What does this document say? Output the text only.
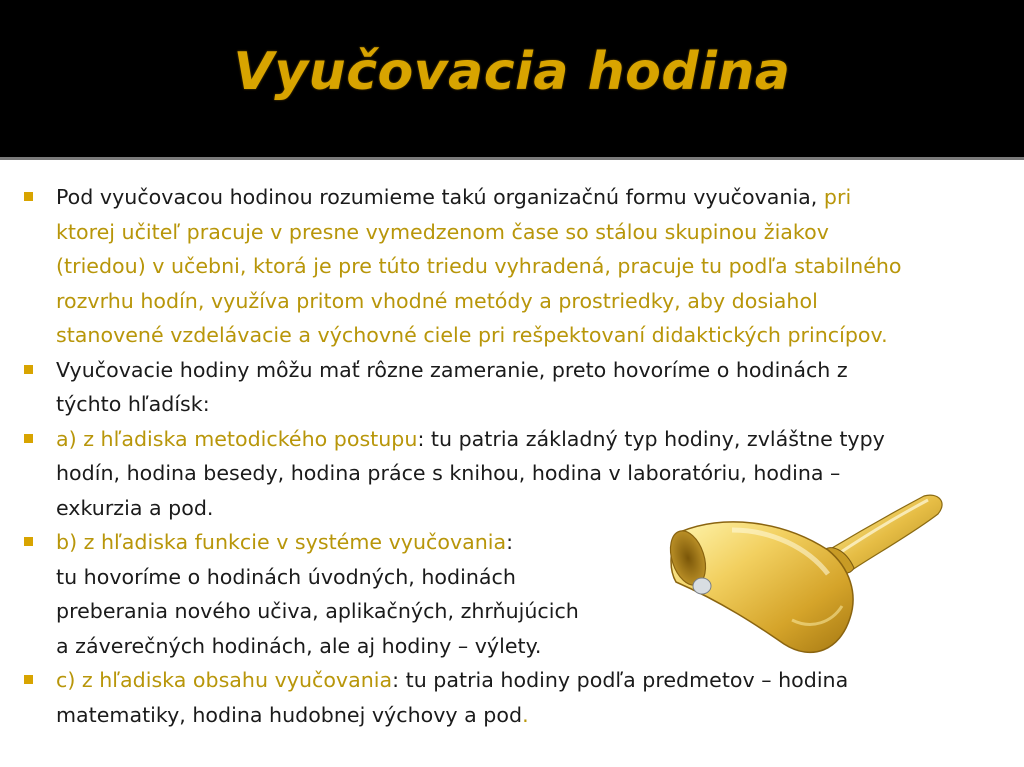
Vyučovacia hodina
Pod vyučovacou hodinou rozumieme takú organizačnú formu vyučovania, pri
ktorej učiteľ pracuje v presne vymedzenom čase so stálou skupinou žiakov
(triedou) v učebni, ktorá je pre túto triedu vyhradená, pracuje tu podľa stabilného
rozvrhu hodín, využíva pritom vhodné metódy a prostriedky, aby dosiahol
stanovené vzdelávacie a výchovné ciele pri rešpektovaní didaktických princípov.
Vyučovacie hodiny môžu mať rôzne zameranie, preto hovoríme o hodinách z
týchto hľadísk:
a) z hľadiska metodického postupu: tu patria základný typ hodiny, zvláštne typy
hodín, hodina besedy, hodina práce s knihou, hodina v laboratóriu, hodina –
exkurzia a pod.
b) z hľadiska funkcie v systéme vyučovania:
tu hovoríme o hodinách úvodných, hodinách
preberania nového učiva, aplikačných, zhrňujúcich
a záverečných hodinách, ale aj hodiny – výlety.
c) z hľadiska obsahu vyučovania: tu patria hodiny podľa predmetov – hodina
matematiky, hodina hudobnej výchovy a pod.
